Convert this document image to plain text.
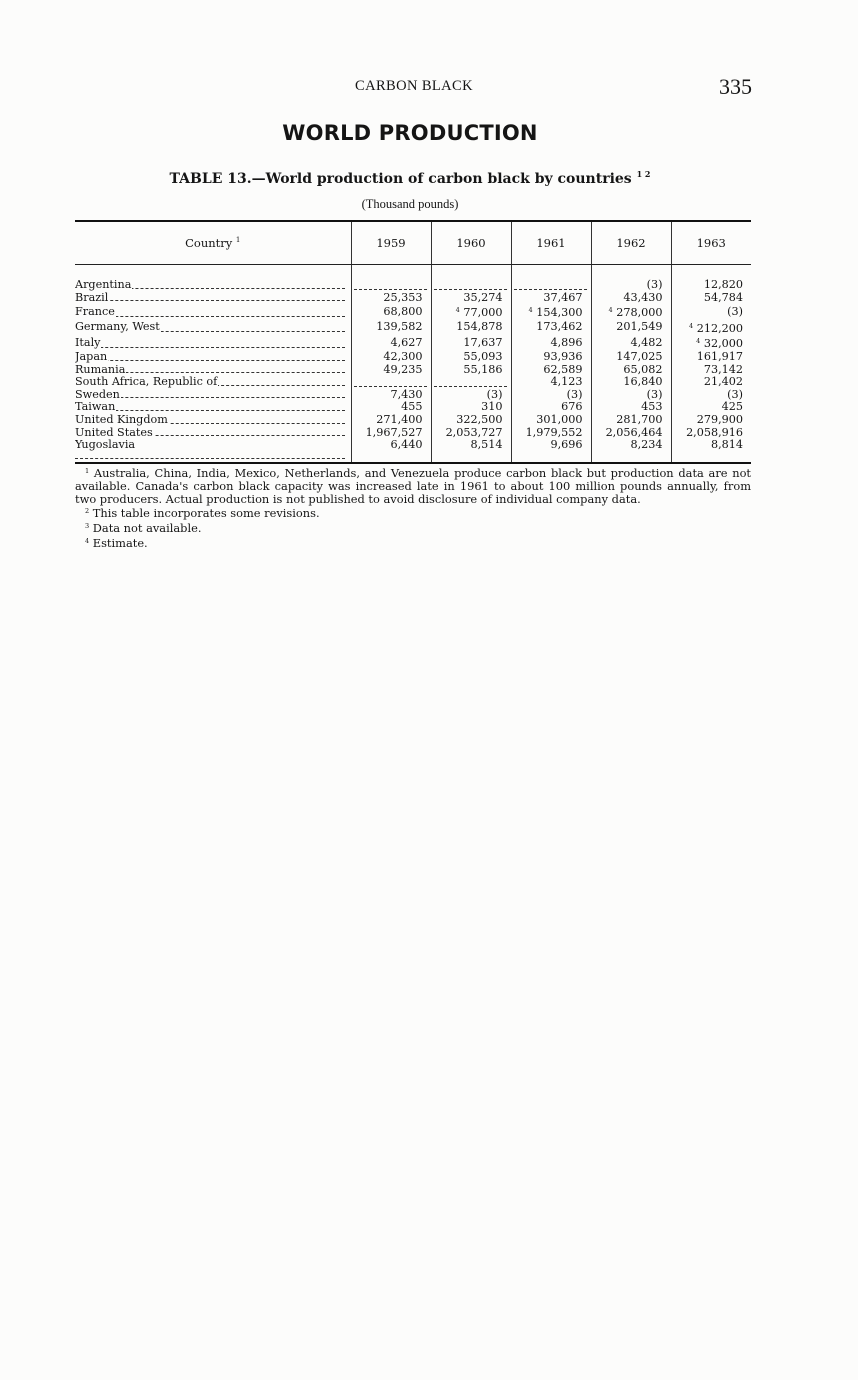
CARBON BLACK	335
WORLD PRODUCTION
TABLE 13.—World production of carbon black by countries $^{1 2}$
(Thousand pounds)
Country $^1$	1959	1960	1961	1962	1963
Argentina				(3)	12,820
Brazil	25,353	35,274	37,467	43,430	54,784
France	68,800	$^4$ 77,000	$^4$ 154,300	$^4$ 278,000	(3)
Germany, West	139,582	154,878	173,462	201,549	$^4$ 212,200
Italy	4,627	17,637	4,896	4,482	$^4$ 32,000
Japan	42,300	55,093	93,936	147,025	161,917
Rumania	49,235	55,186	62,589	65,082	73,142
South Africa, Republic of			4,123	16,840	21,402
Sweden	7,430	(3)	(3)	(3)	(3)
Taiwan	455	310	676	453	425
United Kingdom	271,400	322,500	301,000	281,700	279,900
United States	1,967,527	2,053,727	1,979,552	2,056,464	2,058,916
Yugoslavia	6,440	8,514	9,696	8,234	8,814

$^1$ Australia, China, India, Mexico, Netherlands, and Venezuela produce carbon black but production data are not available. Canada's carbon black capacity was increased late in 1961 to about 100 million pounds annually, from two producers. Actual production is not published to avoid disclosure of individual company data.

$^2$ This table incorporates some revisions.

$^3$ Data not available.

$^4$ Estimate.
